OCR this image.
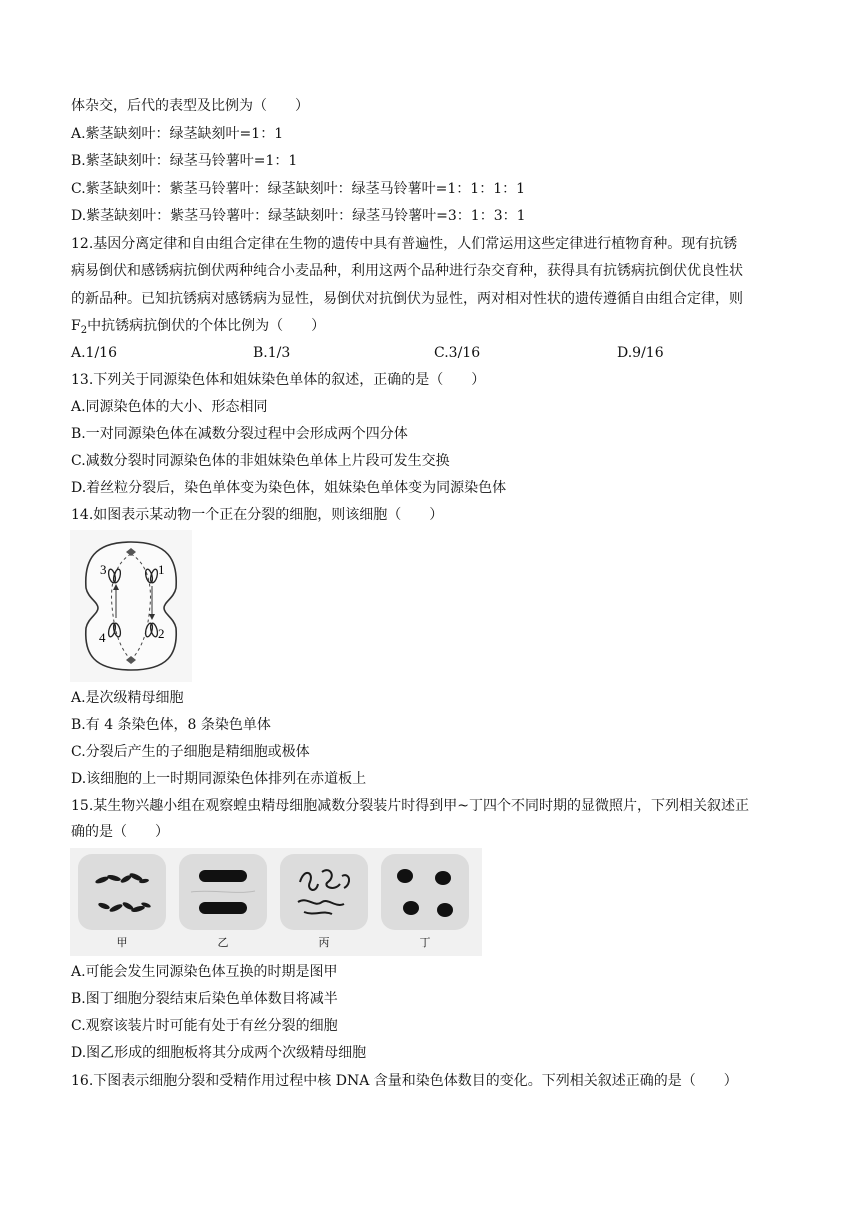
体杂交，后代的表型及比例为（　　）
A.紫茎缺刻叶：绿茎缺刻叶=1：1
B.紫茎缺刻叶：绿茎马铃薯叶=1：1
C.紫茎缺刻叶：紫茎马铃薯叶：绿茎缺刻叶：绿茎马铃薯叶=1：1：1：1
D.紫茎缺刻叶：紫茎马铃薯叶：绿茎缺刻叶：绿茎马铃薯叶=3：1：3：1
12.基因分离定律和自由组合定律在生物的遗传中具有普遍性，人们常运用这些定律进行植物育种。现有抗锈
病易倒伏和感锈病抗倒伏两种纯合小麦品种，利用这两个品种进行杂交育种，获得具有抗锈病抗倒伏优良性状
的新品种。已知抗锈病对感锈病为显性，易倒伏对抗倒伏为显性，两对相对性状的遗传遵循自由组合定律，则
$F_2$中抗锈病抗倒伏的个体比例为（　　）
A.1/16	B.1/3	C.3/16	D.9/16
13.下列关于同源染色体和姐妹染色单体的叙述，正确的是（　　）
A.同源染色体的大小、形态相同
B.一对同源染色体在减数分裂过程中会形成两个四分体
C.减数分裂时同源染色体的非姐妹染色单体上片段可发生交换
D.着丝粒分裂后，染色单体变为染色体，姐妹染色单体变为同源染色体
14.如图表示某动物一个正在分裂的细胞，则该细胞（　　）
1
2
3
4
A.是次级精母细胞
B.有 4 条染色体，8 条染色单体
C.分裂后产生的子细胞是精细胞或极体
D.该细胞的上一时期同源染色体排列在赤道板上
15.某生物兴趣小组在观察蝗虫精母细胞减数分裂装片时得到甲~丁四个不同时期的显微照片，下列相关叙述正
确的是（　　）
甲	乙	丙	丁
A.可能会发生同源染色体互换的时期是图甲
B.图丁细胞分裂结束后染色单体数目将减半
C.观察该装片时可能有处于有丝分裂的细胞
D.图乙形成的细胞板将其分成两个次级精母细胞
16.下图表示细胞分裂和受精作用过程中核 DNA 含量和染色体数目的变化。下列相关叙述正确的是（　　）
